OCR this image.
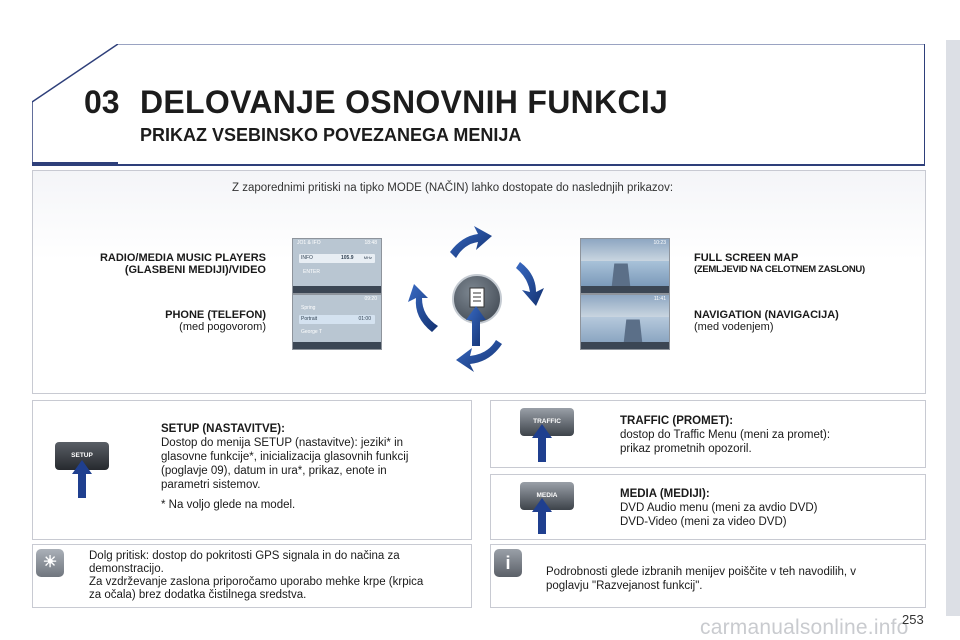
03 DELOVANJE OSNOVNIH FUNKCIJ
PRIKAZ VSEBINSKO POVEZANEGA MENIJA
Z zaporednimi pritiski na tipko MODE (NAČIN) lahko dostopate do naslednjih prikazov:
RADIO/MEDIA MUSIC PLAYERS
(GLASBENI MEDIJI)/VIDEO
PHONE (TELEFON)
(med pogovorom)
FULL SCREEN MAP
(ZEMLJEVID NA CELOTNEM ZASLONU)
NAVIGATION (NAVIGACIJA)
(med vodenjem)
JO1 & IFO	18:48
INFO	105.9	MHz
ENTER
09:20
Spring
Portrait	01:00
George T
10:23
11:41
SETUP
SETUP (NASTAVITVE):
Dostop do menija SETUP (nastavitve): jeziki* in
glasovne funkcije*, inicializacija glasovnih funkcij
(poglavje 09), datum in ura*, prikaz, enote in
parametri sistemov.
* Na voljo glede na model.
TRAFFIC	TRAFFIC (PROMET):
dostop do Traffic Menu (meni za promet):
prikaz prometnih opozoril.
MEDIA	MEDIA (MEDIJI):
DVD Audio menu (meni za avdio DVD)
DVD-Video (meni za video DVD)
☀	Dolg pritisk: dostop do pokritosti GPS signala in do načina za
demonstracijo.
Za vzdrževanje zaslona priporočamo uporabo mehke krpe (krpica
za očala) brez dodatka čistilnega sredstva.
i	Podrobnosti glede izbranih menijev poiščite v teh navodilih, v
poglavju "Razvejanost funkcij".
carmanualsonline.info
253
